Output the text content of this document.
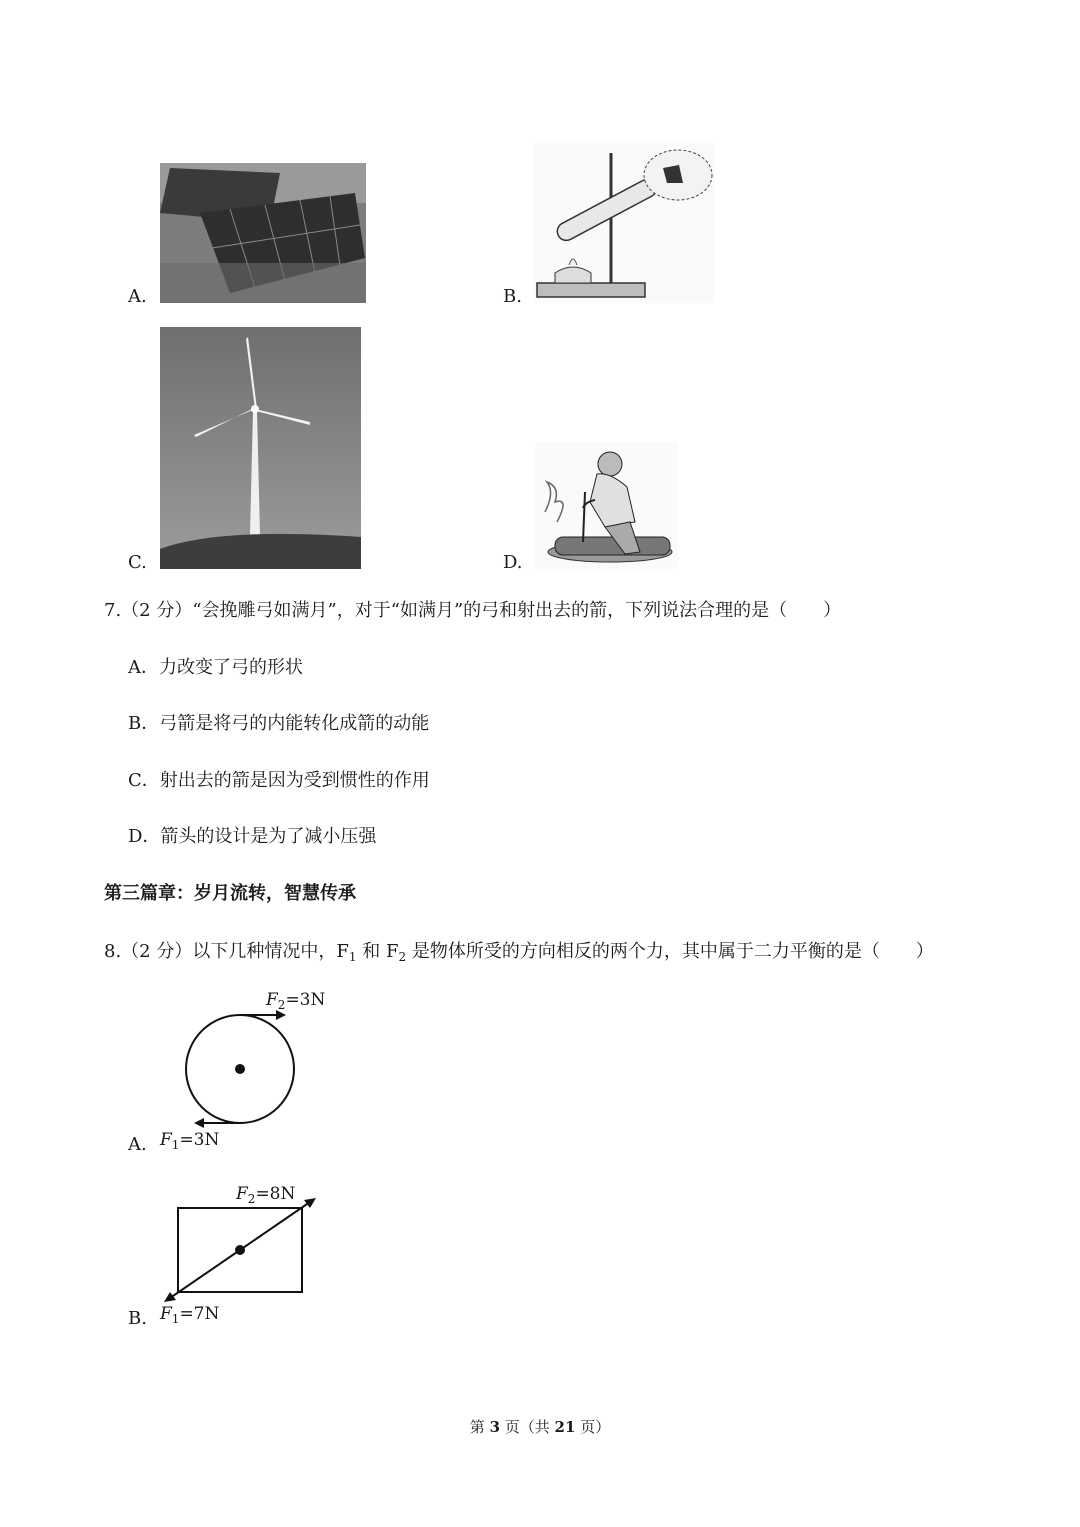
A.	B.
C.	D.
7.（2 分）“会挽雕弓如满月”，对于“如满月”的弓和射出去的箭，下列说法合理的是（　　）
A．力改变了弓的形状
B．弓箭是将弓的内能转化成箭的动能
C．射出去的箭是因为受到惯性的作用
D．箭头的设计是为了减小压强
第三篇章：岁月流转，智慧传承
8.（2 分）以下几种情况中，$F_1$ 和 $F_2$ 是物体所受的方向相反的两个力，其中属于二力平衡的是（　　）
A.
$F_2=3N$
$F_1=3N$
B.
$F_2=8N$
$F_1=7N$
第 3 页（共 21 页）
